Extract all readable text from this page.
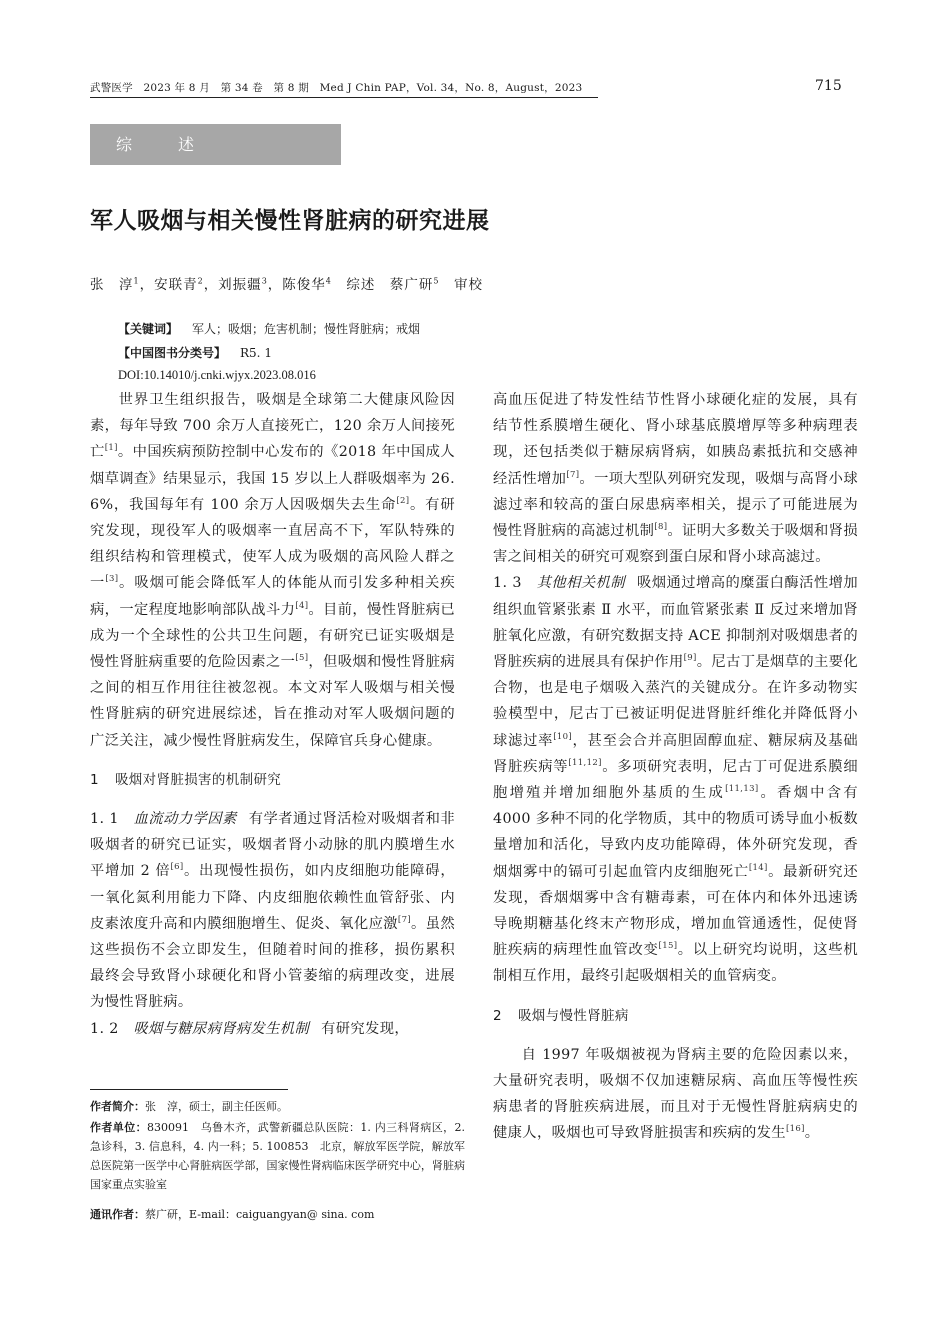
武警医学　2023 年 8 月　第 34 卷　第 8 期　Med J Chin PAP，Vol. 34，No. 8，August，2023	715
综	述
军人吸烟与相关慢性肾脏病的研究进展
张　淳$^1$，安联青$^2$，刘振疆$^3$，陈俊华$^4$　综述　蔡广研$^5$　审校
【关键词】 军人；吸烟；危害机制；慢性肾脏病；戒烟
【中国图书分类号】 R5. 1
DOI:10.14010/j.cnki.wjyx.2023.08.016

世界卫生组织报告，吸烟是全球第二大健康风险因素，每年导致 700 余万人直接死亡，120 余万人间接死亡[1]。中国疾病预防控制中心发布的《2018 年中国成人烟草调查》结果显示，我国 15 岁以上人群吸烟率为 26. 6%，我国每年有 100 余万人因吸烟失去生命[2]。有研究发现，现役军人的吸烟率一直居高不下，军队特殊的组织结构和管理模式，使军人成为吸烟的高风险人群之一[3]。吸烟可能会降低军人的体能从而引发多种相关疾病，一定程度地影响部队战斗力[4]。目前，慢性肾脏病已成为一个全球性的公共卫生问题，有研究已证实吸烟是慢性肾脏病重要的危险因素之一[5]，但吸烟和慢性肾脏病之间的相互作用往往被忽视。本文对军人吸烟与相关慢性肾脏病的研究进展综述，旨在推动对军人吸烟问题的广泛关注，减少慢性肾脏病发生，保障官兵身心健康。

1 吸烟对肾脏损害的机制研究

1. 1　 血流动力学因素 有学者通过肾活检对吸烟者和非吸烟者的研究已证实，吸烟者肾小动脉的肌内膜增生水平增加 2 倍[6]。出现慢性损伤，如内皮细胞功能障碍，一氧化氮利用能力下降、内皮细胞依赖性血管舒张、内皮素浓度升高和内膜细胞增生、促炎、氧化应激[7]。虽然这些损伤不会立即发生，但随着时间的推移，损伤累积最终会导致肾小球硬化和肾小管萎缩的病理改变，进展为慢性肾脏病。

1. 2　 吸烟与糖尿病肾病发生机制 有研究发现，

高血压促进了特发性结节性肾小球硬化症的发展，具有结节性系膜增生硬化、肾小球基底膜增厚等多种病理表现，还包括类似于糖尿病肾病，如胰岛素抵抗和交感神经活性增加[7]。一项大型队列研究发现，吸烟与高肾小球滤过率和较高的蛋白尿患病率相关，提示了可能进展为慢性肾脏病的高滤过机制[8]。证明大多数关于吸烟和肾损害之间相关的研究可观察到蛋白尿和肾小球高滤过。

1. 3　 其他相关机制 吸烟通过增高的糜蛋白酶活性增加组织血管紧张素 Ⅱ 水平，而血管紧张素 Ⅱ 反过来增加肾脏氧化应激，有研究数据支持 ACE 抑制剂对吸烟患者的肾脏疾病的进展具有保护作用[9]。尼古丁是烟草的主要化合物，也是电子烟吸入蒸汽的关键成分。在许多动物实验模型中，尼古丁已被证明促进肾脏纤维化并降低肾小球滤过率[10]，甚至会合并高胆固醇血症、糖尿病及基础肾脏疾病等[11,12]。多项研究表明，尼古丁可促进系膜细胞增殖并增加细胞外基质的生成[11,13]。香烟中含有 4000 多种不同的化学物质，其中的物质可诱导血小板数量增加和活化，导致内皮功能障碍，体外研究发现，香烟烟雾中的镉可引起血管内皮细胞死亡[14]。最新研究还发现，香烟烟雾中含有糖毒素，可在体内和体外迅速诱导晚期糖基化终末产物形成，增加血管通透性，促使肾脏疾病的病理性血管改变[15]。以上研究均说明，这些机制相互作用，最终引起吸烟相关的血管病变。

2 吸烟与慢性肾脏病

自 1997 年吸烟被视为肾病主要的危险因素以来，大量研究表明，吸烟不仅加速糖尿病、高血压等慢性疾病患者的肾脏疾病进展，而且对于无慢性肾脏病病史的健康人，吸烟也可导致肾脏损害和疾病的发生[16]。

作者简介：张　淳，硕士，副主任医师。
作者单位：830091　乌鲁木齐，武警新疆总队医院：1. 内三科肾病区，2. 急诊科，3. 信息科，4. 内一科；5. 100853　北京，解放军医学院，解放军总医院第一医学中心肾脏病医学部，国家慢性肾病临床医学研究中心，肾脏病国家重点实验室
通讯作者：蔡广研，E-mail：caiguangyan@ sina. com
